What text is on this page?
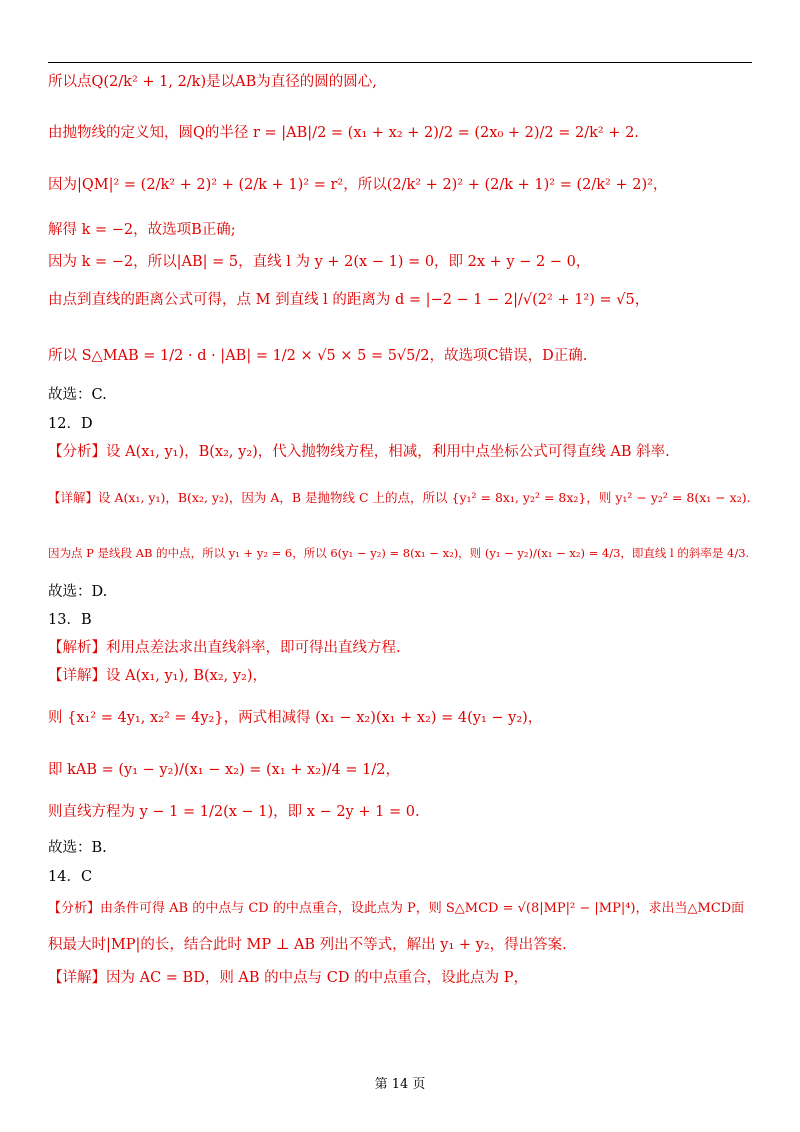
所以点Q(2/k² + 1, 2/k)是以AB为直径的圆的圆心,
由抛物线的定义知，圆Q的半径 r = |AB|/2 = (x₁ + x₂ + 2)/2 = (2x₀ + 2)/2 = 2/k² + 2.
因为|QM|² = (2/k² + 2)² + (2/k + 1)² = r²，所以(2/k² + 2)² + (2/k + 1)² = (2/k² + 2)²，
解得 k = −2，故选项B正确;
因为 k = −2，所以|AB| = 5，直线 l 为 y + 2(x − 1) = 0，即 2x + y − 2 − 0，
由点到直线的距离公式可得，点 M 到直线 l 的距离为 d = |−2 − 1 − 2|/√(2² + 1²) = √5，
所以 S△MAB = 1/2 · d · |AB| = 1/2 × √5 × 5 = 5√5/2，故选项C错误，D正确.
故选：C.
12．D
【分析】设 A(x₁, y₁)，B(x₂, y₂)，代入抛物线方程，相减，利用中点坐标公式可得直线 AB 斜率.
【详解】设 A(x₁, y₁)，B(x₂, y₂)，因为 A，B 是抛物线 C 上的点，所以 {y₁² = 8x₁, y₂² = 8x₂}，则 y₁² − y₂² = 8(x₁ − x₂).
因为点 P 是线段 AB 的中点，所以 y₁ + y₂ = 6，所以 6(y₁ − y₂) = 8(x₁ − x₂)，则 (y₁ − y₂)/(x₁ − x₂) = 4/3，即直线 l 的斜率是 4/3.
故选：D.
13．B
【解析】利用点差法求出直线斜率，即可得出直线方程.
【详解】设 A(x₁, y₁), B(x₂, y₂)，
则 {x₁² = 4y₁, x₂² = 4y₂}，两式相减得 (x₁ − x₂)(x₁ + x₂) = 4(y₁ − y₂)，
即 kAB = (y₁ − y₂)/(x₁ − x₂) = (x₁ + x₂)/4 = 1/2，
则直线方程为 y − 1 = 1/2(x − 1)，即 x − 2y + 1 = 0.
故选：B.
14．C
【分析】由条件可得 AB 的中点与 CD 的中点重合，设此点为 P，则 S△MCD = √(8|MP|² − |MP|⁴)，求出当△MCD面
积最大时|MP|的长，结合此时 MP ⊥ AB 列出不等式，解出 y₁ + y₂，得出答案.
【详解】因为 AC = BD，则 AB 的中点与 CD 的中点重合，设此点为 P，
第 14 页
